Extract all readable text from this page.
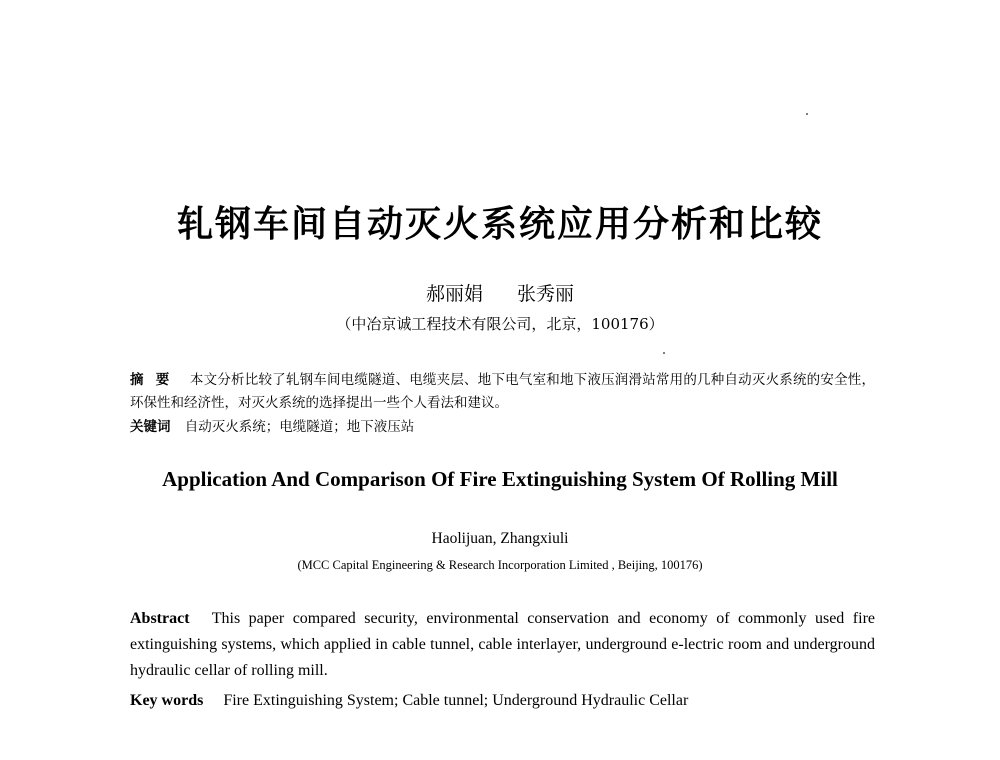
轧钢车间自动灭火系统应用分析和比较
郝丽娟 张秀丽
（中冶京诚工程技术有限公司，北京，100176）
摘要 本文分析比较了轧钢车间电缆隧道、电缆夹层、地下电气室和地下液压润滑站常用的几种自动灭火系统的安全性，环保性和经济性，对灭火系统的选择提出一些个人看法和建议。
关键词 自动灭火系统；电缆隧道；地下液压站
Application And Comparison Of Fire Extinguishing System Of Rolling Mill
Haolijuan, Zhangxiuli
(MCC Capital Engineering & Research Incorporation Limited , Beijing, 100176)
Abstract This paper compared security, environmental conservation and economy of commonly used fire extinguishing systems, which applied in cable tunnel, cable interlayer, underground e-lectric room and underground hydraulic cellar of rolling mill.
Key words Fire Extinguishing System; Cable tunnel; Underground Hydraulic Cellar
